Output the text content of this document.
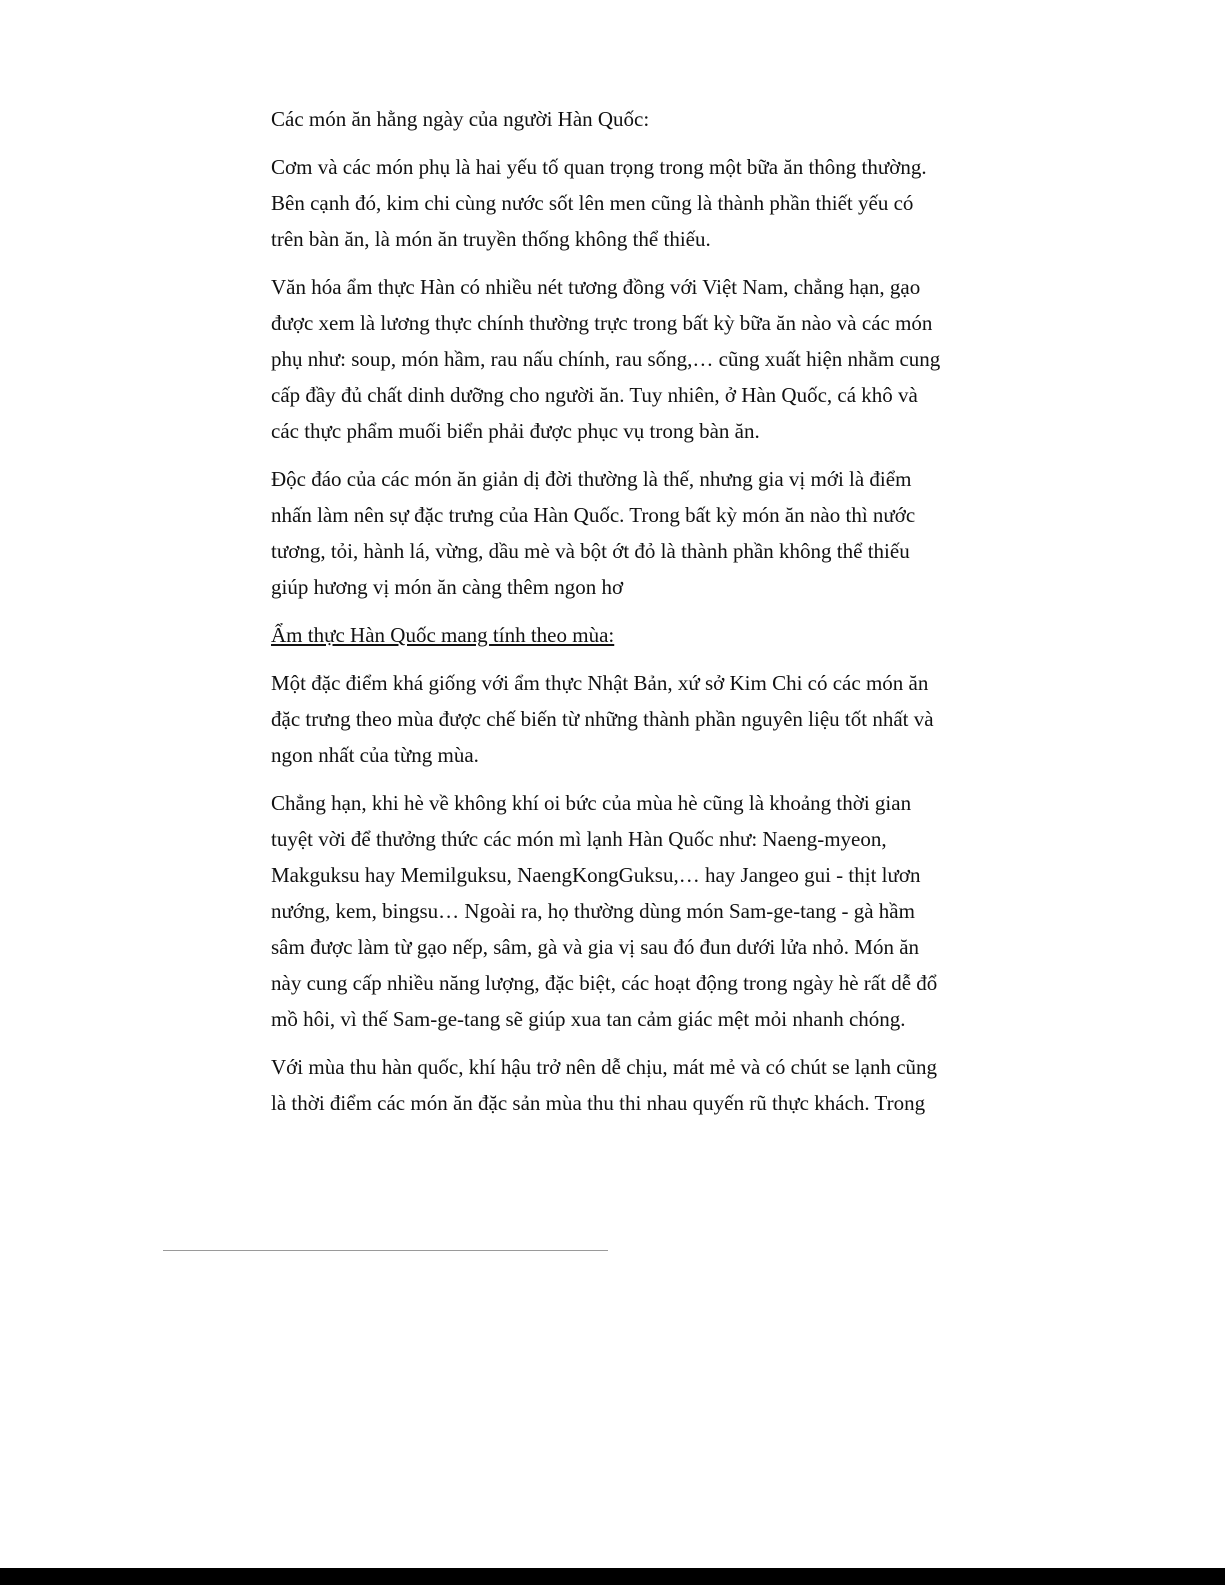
Các món ăn hằng ngày của người Hàn Quốc:

Cơm và các món phụ là hai yếu tố quan trọng trong một bữa ăn thông thường.
Bên cạnh đó, kim chi cùng nước sốt lên men cũng là thành phần thiết yếu có
trên bàn ăn, là món ăn truyền thống không thể thiếu.

Văn hóa ẩm thực Hàn có nhiều nét tương đồng với Việt Nam, chẳng hạn, gạo
được xem là lương thực chính thường trực trong bất kỳ bữa ăn nào và các món
phụ như: soup, món hầm, rau nấu chính, rau sống,… cũng xuất hiện nhằm cung
cấp đầy đủ chất dinh dưỡng cho người ăn. Tuy nhiên, ở Hàn Quốc, cá khô và
các thực phẩm muối biển phải được phục vụ trong bàn ăn.

Độc đáo của các món ăn giản dị đời thường là thế, nhưng gia vị mới là điểm
nhấn làm nên sự đặc trưng của Hàn Quốc. Trong bất kỳ món ăn nào thì nước
tương, tỏi, hành lá, vừng, dầu mè và bột ớt đỏ là thành phần không thể thiếu
giúp hương vị món ăn càng thêm ngon hơ

Ẩm thực Hàn Quốc mang tính theo mùa:

Một đặc điểm khá giống với ẩm thực Nhật Bản, xứ sở Kim Chi có các món ăn
đặc trưng theo mùa được chế biến từ những thành phần nguyên liệu tốt nhất và
ngon nhất của từng mùa.

Chẳng hạn, khi hè về không khí oi bức của mùa hè cũng là khoảng thời gian
tuyệt vời để thưởng thức các món mì lạnh Hàn Quốc như: Naeng-myeon,
Makguksu hay Memilguksu, NaengKongGuksu,… hay Jangeo gui - thịt lươn
nướng, kem, bingsu… Ngoài ra, họ thường dùng món Sam-ge-tang - gà hầm
sâm được làm từ gạo nếp, sâm, gà và gia vị sau đó đun dưới lửa nhỏ. Món ăn
này cung cấp nhiều năng lượng, đặc biệt, các hoạt động trong ngày hè rất dễ đổ
mồ hôi, vì thế Sam-ge-tang sẽ giúp xua tan cảm giác mệt mỏi nhanh chóng.

Với mùa thu hàn quốc, khí hậu trở nên dễ chịu, mát mẻ và có chút se lạnh cũng
là thời điểm các món ăn đặc sản mùa thu thi nhau quyến rũ thực khách. Trong
